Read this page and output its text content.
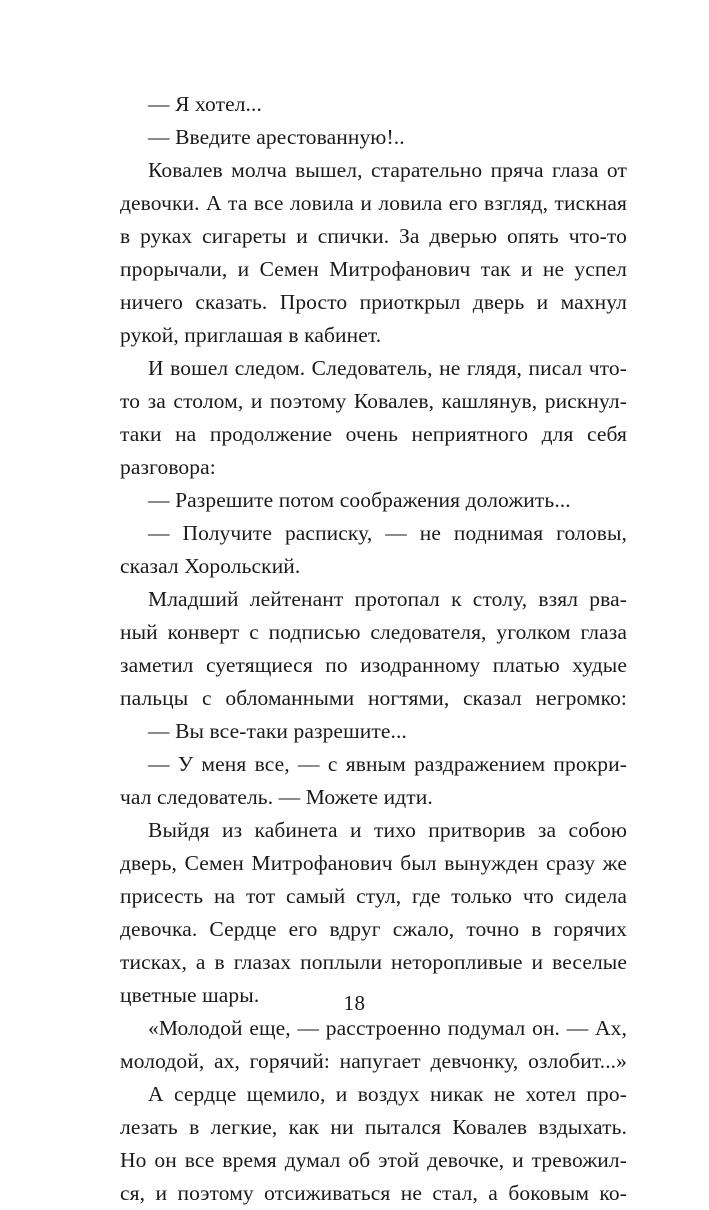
— Я хотел...
— Введите арестованную!..
Ковалев молча вышел, старательно пряча глаза от
девочки. А та все ловила и ловила его взгляд, тискная
в руках сигареты и спички. За дверью опять что-то
прорычали, и Семен Митрофанович так и не успел
ничего сказать. Просто приоткрыл дверь и махнул
рукой, приглашая в кабинет.
И вошел следом. Следователь, не глядя, писал что-
то за столом, и поэтому Ковалев, кашлянув, рискнул-
таки на продолжение очень неприятного для себя
разговора:
— Разрешите потом соображения доложить...
— Получите расписку, — не поднимая головы,
сказал Хорольский.
Младший лейтенант протопал к столу, взял рва-
ный конверт с подписью следователя, уголком глаза
заметил суетящиеся по изодранному платью худые
пальцы с обломанными ногтями, сказал негромко:
— Вы все-таки разрешите...
— У меня все, — с явным раздражением прокри-
чал следователь. — Можете идти.
Выйдя из кабинета и тихо притворив за собою
дверь, Семен Митрофанович был вынужден сразу же
присесть на тот самый стул, где только что сидела
девочка. Сердце его вдруг сжало, точно в горячих
тисках, а в глазах поплыли неторопливые и веселые
цветные шары.
«Молодой еще, — расстроенно подумал он. — Ах,
молодой, ах, горячий: напугает девчонку, озлобит...»
А сердце щемило, и воздух никак не хотел про-
лезать в легкие, как ни пытался Ковалев вздыхать.
Но он все время думал об этой девочке, и тревожил-
ся, и поэтому отсиживаться не стал, а боковым ко-
18
